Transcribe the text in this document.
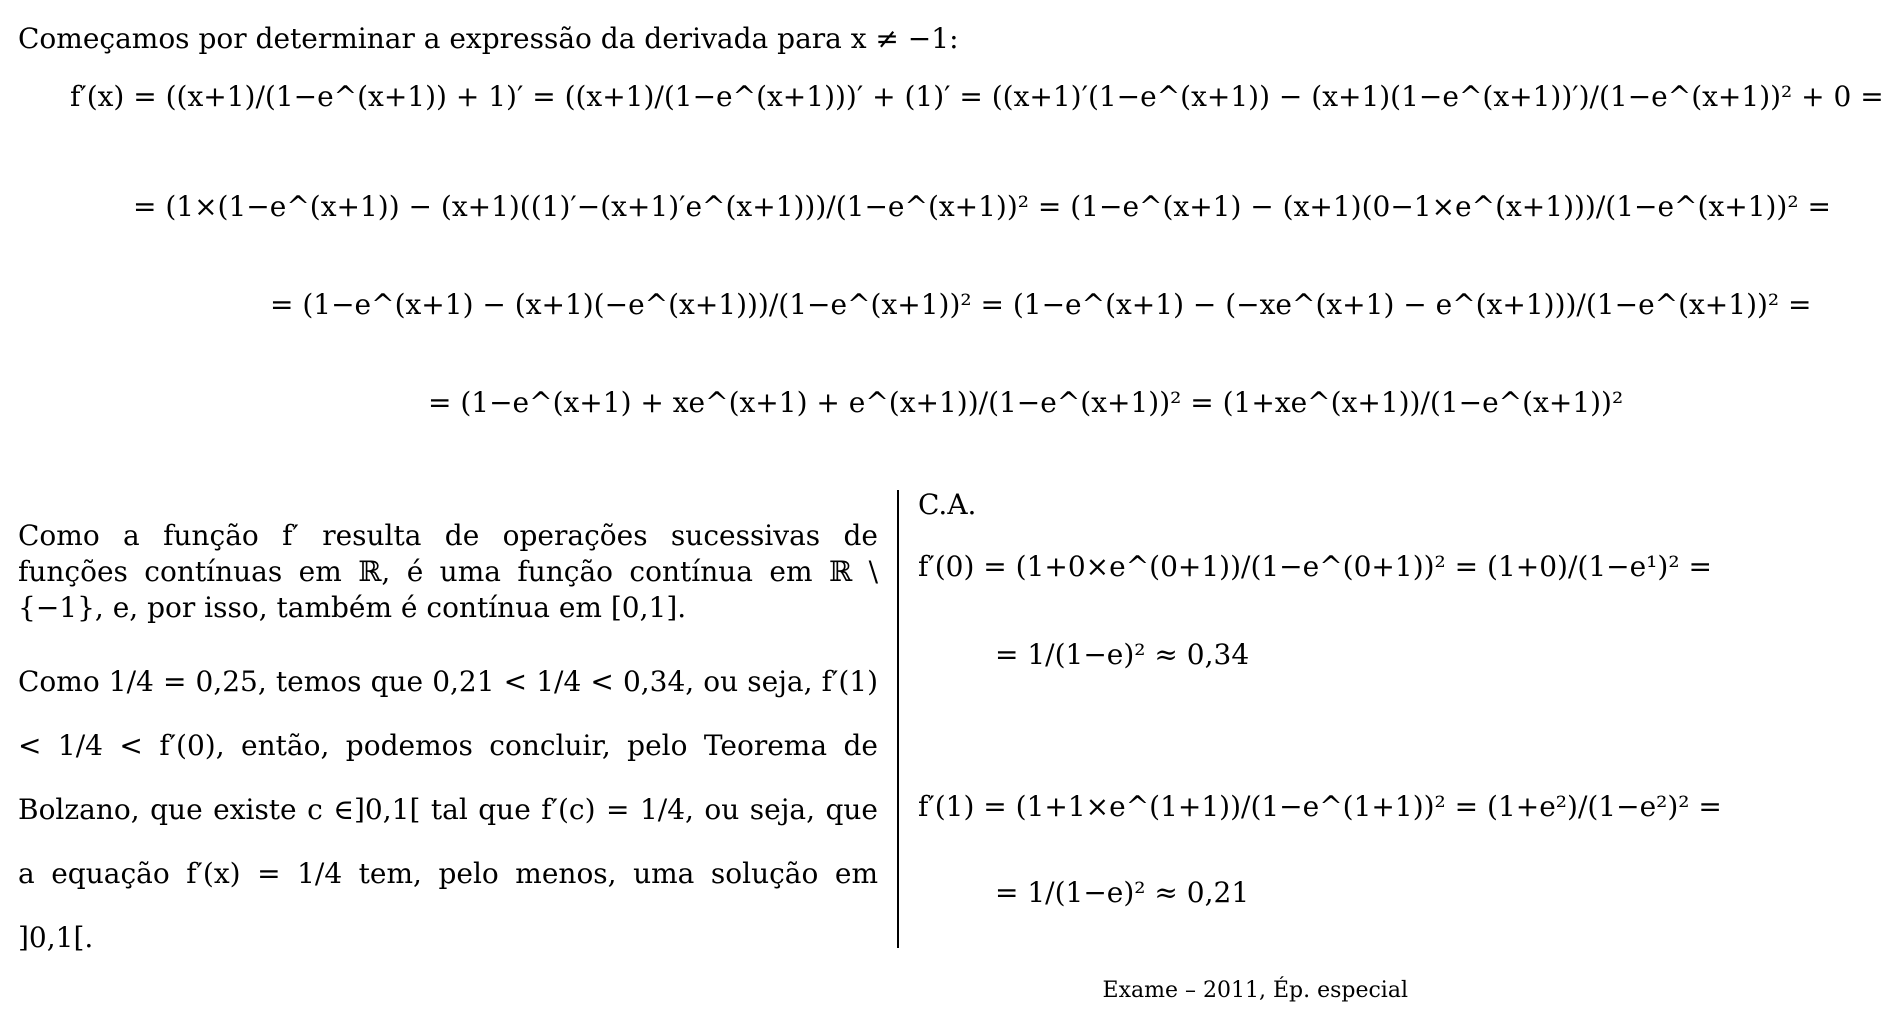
Começamos por determinar a expressão da derivada para x ≠ −1:
f′(x) = ((x+1)/(1−e^(x+1)) + 1)′ = ((x+1)/(1−e^(x+1)))′ + (1)′ = ((x+1)′(1−e^(x+1)) − (x+1)(1−e^(x+1))′)/(1−e^(x+1))² + 0 =
= (1×(1−e^(x+1)) − (x+1)((1)′−(x+1)′e^(x+1)))/(1−e^(x+1))² = (1−e^(x+1) − (x+1)(0−1×e^(x+1)))/(1−e^(x+1))² =
= (1−e^(x+1) − (x+1)(−e^(x+1)))/(1−e^(x+1))² = (1−e^(x+1) − (−xe^(x+1) − e^(x+1)))/(1−e^(x+1))² =
= (1−e^(x+1) + xe^(x+1) + e^(x+1))/(1−e^(x+1))² = (1+xe^(x+1))/(1−e^(x+1))²
Como a função f′ resulta de operações sucessivas de funções contínuas em ℝ, é uma função contínua em ℝ \ {−1}, e, por isso, também é contínua em [0,1].
Como 1/4 = 0,25, temos que 0,21 < 1/4 < 0,34, ou seja, f′(1) < 1/4 < f′(0), então, podemos concluir, pelo Teorema de Bolzano, que existe c ∈]0,1[ tal que f′(c) = 1/4, ou seja, que a equação f′(x) = 1/4 tem, pelo menos, uma solução em ]0,1[.
C.A.
f′(0) = (1+0×e^(0+1))/(1−e^(0+1))² = (1+0)/(1−e¹)² =
= 1/(1−e)² ≈ 0,34
f′(1) = (1+1×e^(1+1))/(1−e^(1+1))² = (1+e²)/(1−e²)² =
= 1/(1−e)² ≈ 0,21
Exame – 2011, Ép. especial
